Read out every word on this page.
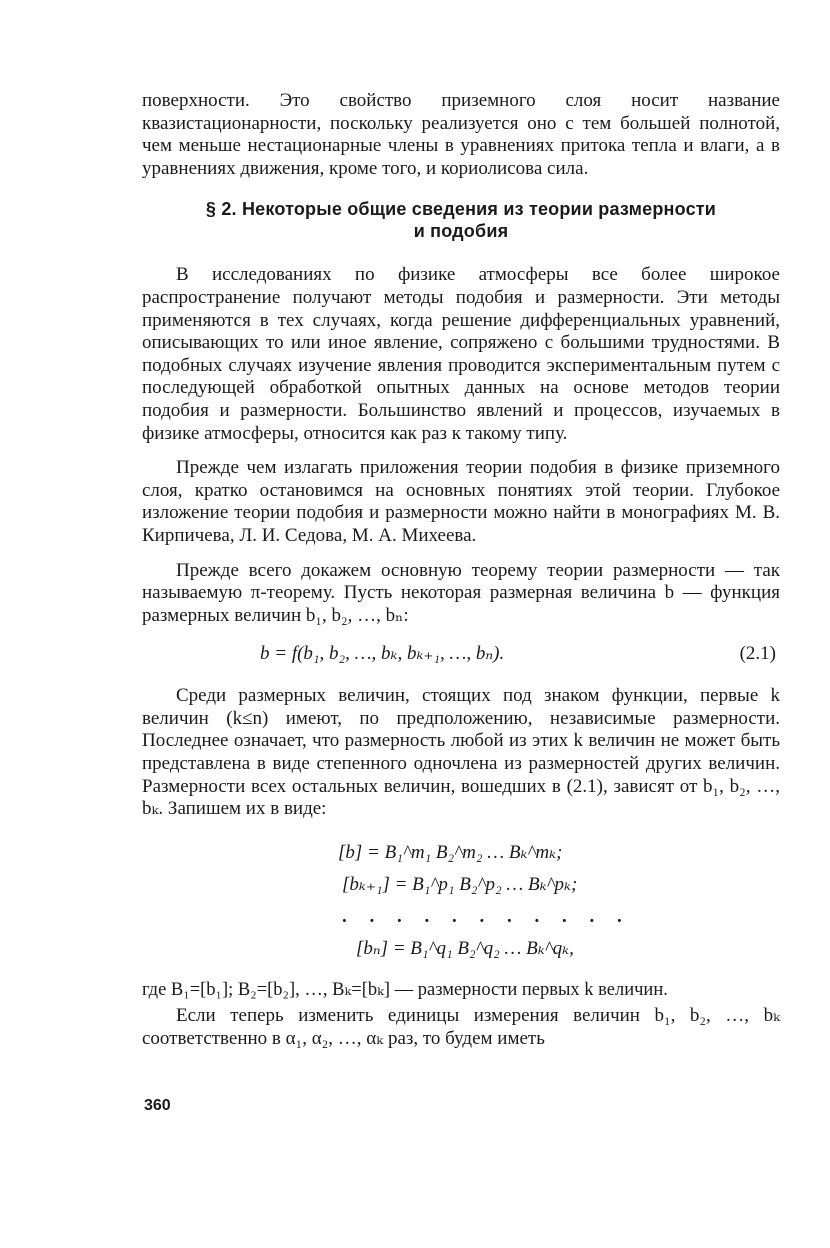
поверхности. Это свойство приземного слоя носит название квазистационарности, поскольку реализуется оно с тем большей полнотой, чем меньше нестационарные члены в уравнениях притока тепла и влаги, а в уравнениях движения, кроме того, и кориолисова сила.

§ 2. Некоторые общие сведения из теории размерности
и подобия

В исследованиях по физике атмосферы все более широкое распространение получают методы подобия и размерности. Эти методы применяются в тех случаях, когда решение дифференциальных уравнений, описывающих то или иное явление, сопряжено с большими трудностями. В подобных случаях изучение явления проводится экспериментальным путем с последующей обработкой опытных данных на основе методов теории подобия и размерности. Большинство явлений и процессов, изучаемых в физике атмосферы, относится как раз к такому типу.

Прежде чем излагать приложения теории подобия в физике приземного слоя, кратко остановимся на основных понятиях этой теории. Глубокое изложение теории подобия и размерности можно найти в монографиях М. В. Кирпичева, Л. И. Седова, М. А. Михеева.

Прежде всего докажем основную теорему теории размерности — так называемую π-теорему. Пусть некоторая размерная величина b — функция размерных величин b₁, b₂, …, bₙ:

b = f(b₁, b₂, …, bₖ, bₖ₊₁, …, bₙ).	(2.1)

Среди размерных величин, стоящих под знаком функции, первые k величин (k≤n) имеют, по предположению, независимые размерности. Последнее означает, что размерность любой из этих k величин не может быть представлена в виде степенного одночлена из размерностей других величин. Размерности всех остальных величин, вошедших в (2.1), зависят от b₁, b₂, …, bₖ. Запишем их в виде:

[b] = B₁^m₁ B₂^m₂ … Bₖ^mₖ;
[bₖ₊₁] = B₁^p₁ B₂^p₂ … Bₖ^pₖ;
. . . . . . . . . . .
[bₙ] = B₁^q₁ B₂^q₂ … Bₖ^qₖ,
где B₁=[b₁]; B₂=[b₂], …, Bₖ=[bₖ] — размерности первых k величин.

Если теперь изменить единицы измерения величин b₁, b₂, …, bₖ соответственно в α₁, α₂, …, αₖ раз, то будем иметь

360
